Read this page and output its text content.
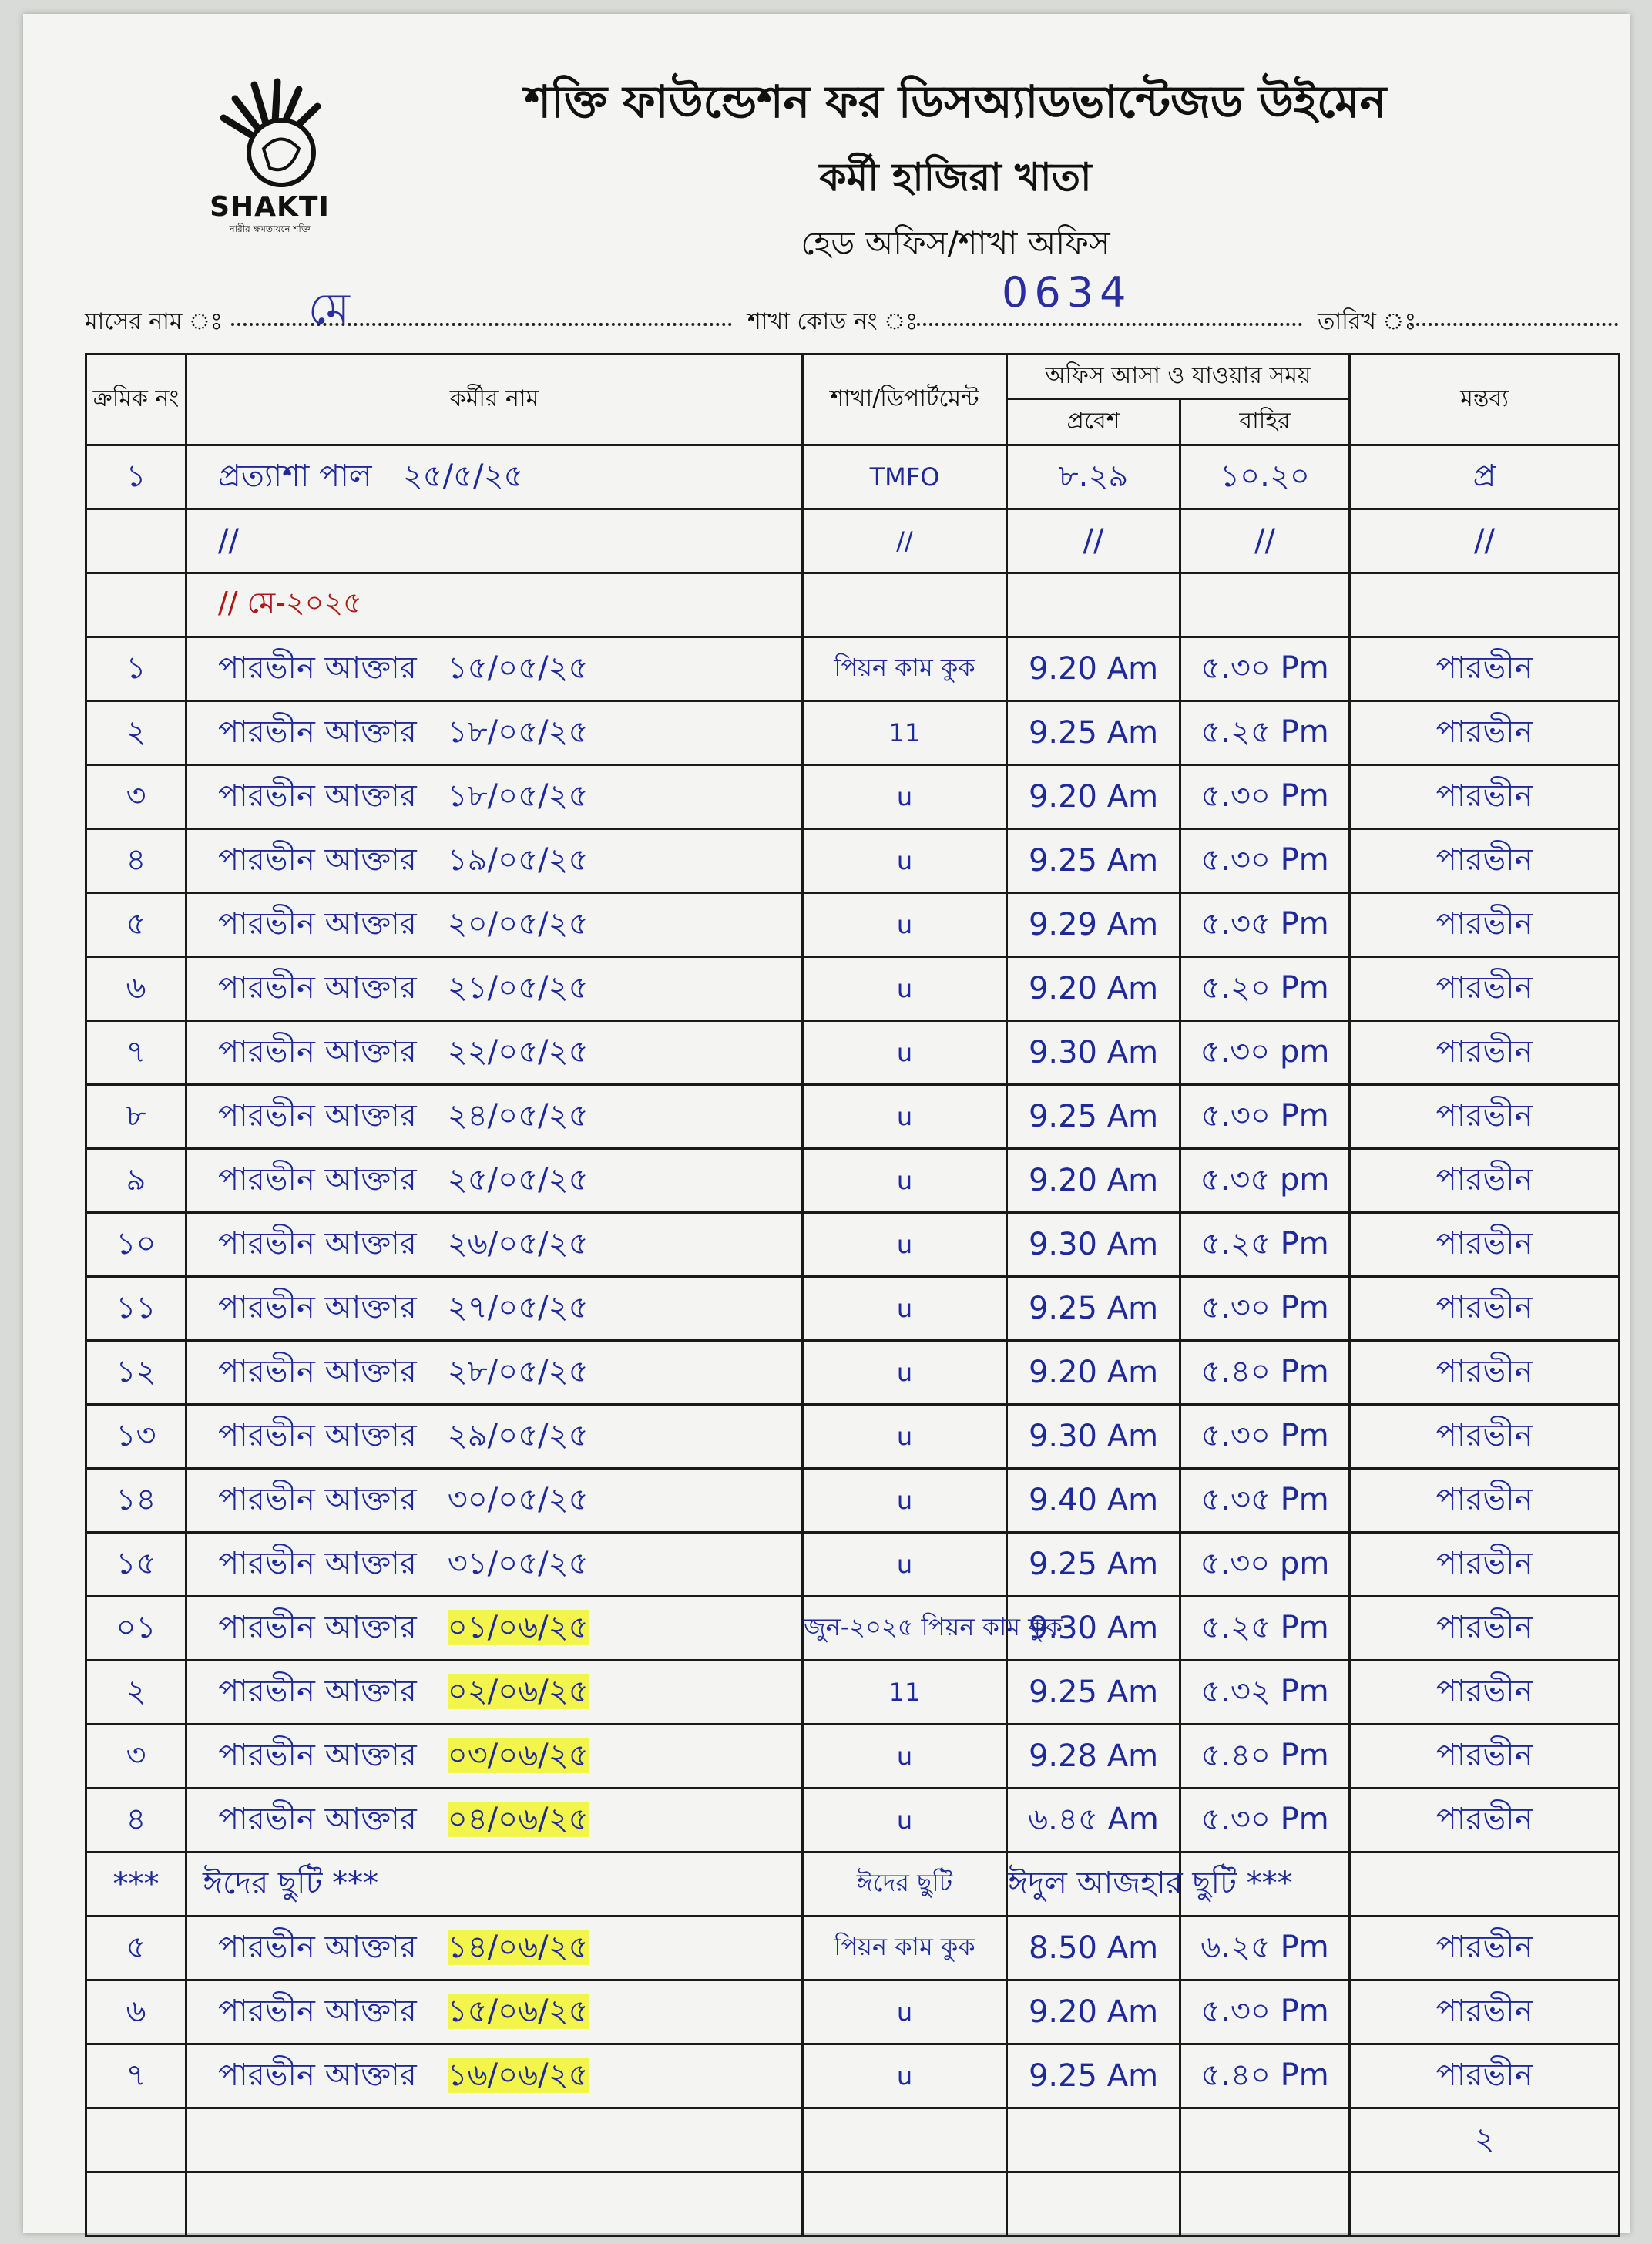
SHAKTI
নারীর ক্ষমতায়নে শক্তি
শক্তি ফাউন্ডেশন ফর ডিসঅ্যাডভান্টেজড উইমেন
কর্মী হাজিরা খাতা
হেড অফিস/শাখা অফিস
মাসের নাম ঃ মে	শাখা কোড নং ঃ
0634
তারিখ ঃ
ক্রমিক নং	কর্মীর নাম	শাখা/ডিপার্টমেন্ট	অফিস আসা ও যাওয়ার সময়		মন্তব্য
			প্রবেশ	বাহির	
১	প্রত্যাশা পাল ২৫/৫/২৫	TMFO	৮.২৯	১০.২০	প্র
	//	//	//	//	//
	// মে-২০২৫				
১	পারভীন আক্তার ১৫/০৫/২৫	পিয়ন কাম কুক	9.20 Am	৫.৩০ Pm	পারভীন
২	পারভীন আক্তার ১৮/০৫/২৫	11	9.25 Am	৫.২৫ Pm	পারভীন
৩	পারভীন আক্তার ১৮/০৫/২৫	u	9.20 Am	৫.৩০ Pm	পারভীন
৪	পারভীন আক্তার ১৯/০৫/২৫	u	9.25 Am	৫.৩০ Pm	পারভীন
৫	পারভীন আক্তার ২০/০৫/২৫	u	9.29 Am	৫.৩৫ Pm	পারভীন
৬	পারভীন আক্তার ২১/০৫/২৫	u	9.20 Am	৫.২০ Pm	পারভীন
৭	পারভীন আক্তার ২২/০৫/২৫	u	9.30 Am	৫.৩০ pm	পারভীন
৮	পারভীন আক্তার ২৪/০৫/২৫	u	9.25 Am	৫.৩০ Pm	পারভীন
৯	পারভীন আক্তার ২৫/০৫/২৫	u	9.20 Am	৫.৩৫ pm	পারভীন
১০	পারভীন আক্তার ২৬/০৫/২৫	u	9.30 Am	৫.২৫ Pm	পারভীন
১১	পারভীন আক্তার ২৭/০৫/২৫	u	9.25 Am	৫.৩০ Pm	পারভীন
১২	পারভীন আক্তার ২৮/০৫/২৫	u	9.20 Am	৫.৪০ Pm	পারভীন
১৩	পারভীন আক্তার ২৯/০৫/২৫	u	9.30 Am	৫.৩০ Pm	পারভীন
১৪	পারভীন আক্তার ৩০/০৫/২৫	u	9.40 Am	৫.৩৫ Pm	পারভীন
১৫	পারভীন আক্তার ৩১/০৫/২৫	u	9.25 Am	৫.৩০ pm	পারভীন
০১	পারভীন আক্তার ০১/০৬/২৫	জুন-২০২৫ পিয়ন কাম কুক	9.30 Am	৫.২৫ Pm	পারভীন
২	পারভীন আক্তার ০২/০৬/২৫	11	9.25 Am	৫.৩২ Pm	পারভীন
৩	পারভীন আক্তার ০৩/০৬/২৫	u	9.28 Am	৫.৪০ Pm	পারভীন
৪	পারভীন আক্তার ০৪/০৬/২৫	u	৬.৪৫ Am	৫.৩০ Pm	পারভীন
***	ঈদের ছুটি ***	ঈদের ছুটি	ঈদুল আজহার ছুটি ***		
৫	পারভীন আক্তার ১৪/০৬/২৫	পিয়ন কাম কুক	8.50 Am	৬.২৫ Pm	পারভীন
৬	পারভীন আক্তার ১৫/০৬/২৫	u	9.20 Am	৫.৩০ Pm	পারভীন
৭	পারভীন আক্তার ১৬/০৬/২৫	u	9.25 Am	৫.৪০ Pm	পারভীন
					২
